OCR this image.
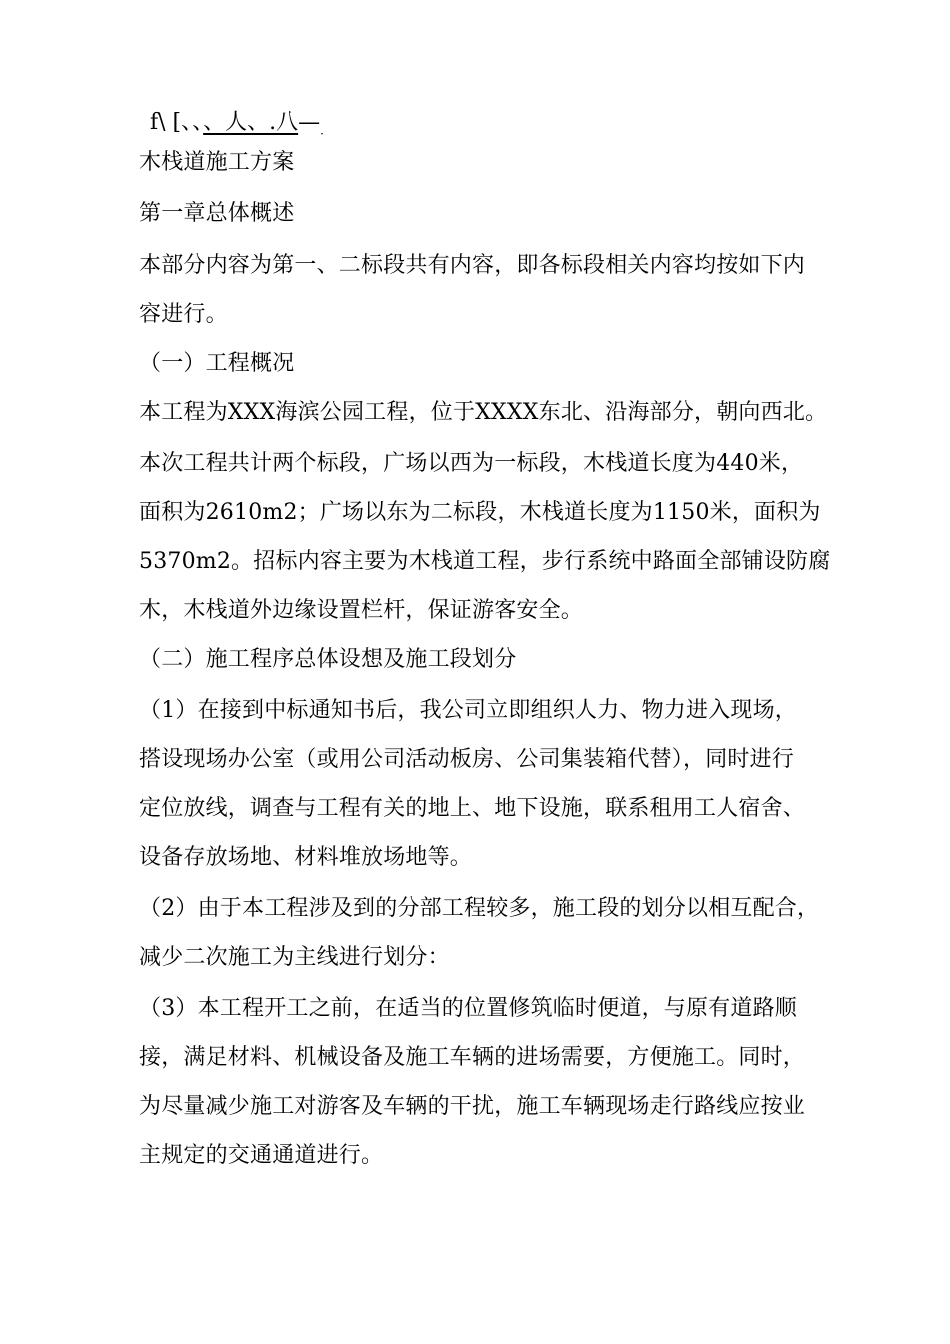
f\ [、、、人、.八$—_.$
木栈道施工方案
第一章总体概述
本部分内容为第一、二标段共有内容，即各标段相关内容均按如下内
容进行。
（一）工程概况
本工程为XXX海滨公园工程，位于XXXX东北、沿海部分，朝向西北。
本次工程共计两个标段，广场以西为一标段，木栈道长度为440米，
面积为2610m2；广场以东为二标段，木栈道长度为1150米，面积为
5370m2。招标内容主要为木栈道工程，步行系统中路面全部铺设防腐
木，木栈道外边缘设置栏杆，保证游客安全。
（二）施工程序总体设想及施工段划分
（1）在接到中标通知书后，我公司立即组织人力、物力进入现场，
搭设现场办公室（或用公司活动板房、公司集装箱代替），同时进行
定位放线，调查与工程有关的地上、地下设施，联系租用工人宿舍、
设备存放场地、材料堆放场地等。
（2）由于本工程涉及到的分部工程较多，施工段的划分以相互配合，
减少二次施工为主线进行划分：
（3）本工程开工之前，在适当的位置修筑临时便道，与原有道路顺
接，满足材料、机械设备及施工车辆的进场需要，方便施工。同时，
为尽量减少施工对游客及车辆的干扰，施工车辆现场走行路线应按业
主规定的交通通道进行。
